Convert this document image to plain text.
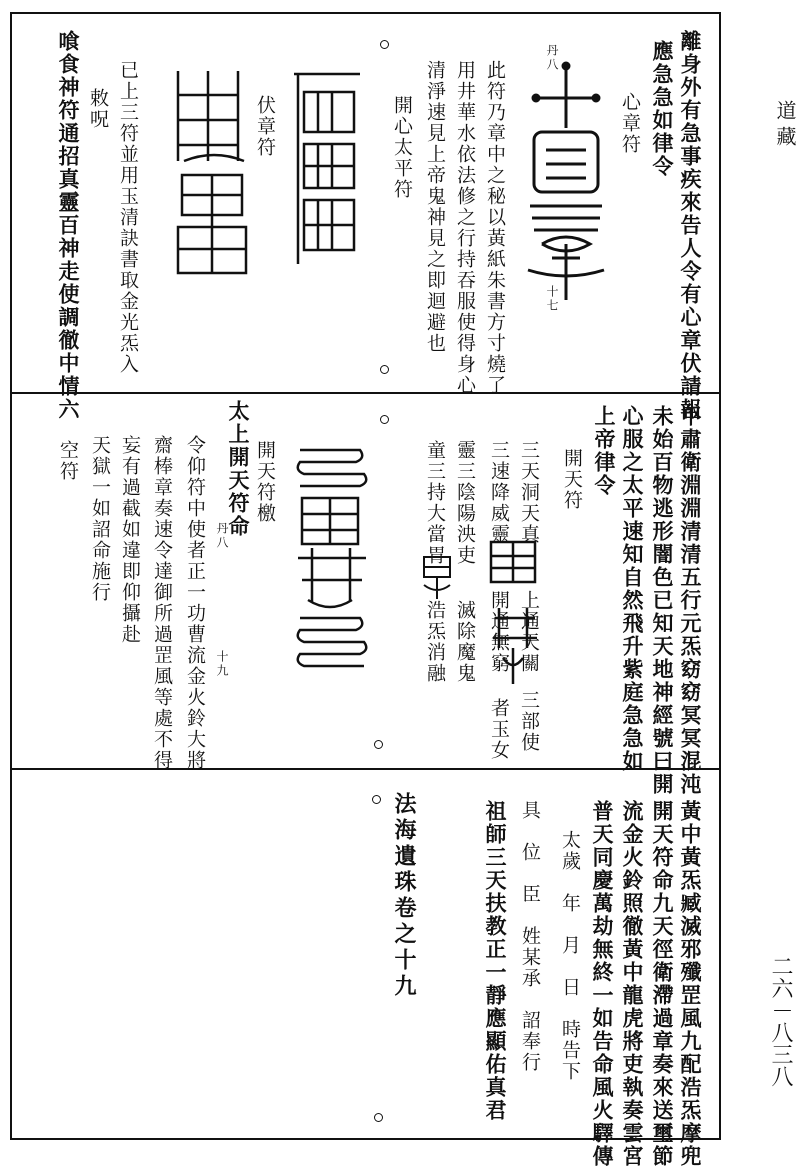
道藏
二六－八三八
離身外有急事疾來告人令有心章伏請報
應急急如律令
心章符
丹八
十七
此符乃章中之秘以黃紙朱書方寸燒了
用井華水依法修之行持吞服使得身心
清淨速見上帝鬼神見之即迴避也
開心太平符
伏章符
已上三符並用玉清訣書取金光炁入
敕呪
喰食神符通招真靈百神走使調徹中情六
甲肅衛淵淵清清五行元炁窈窈冥冥混沌
未始百物逃形闇色已知天地神經號曰開
心服之太平速知自然飛升紫庭急急如
上帝律令
開天符
三天洞天真
三速降威靈
上通天關
開通無窮
三部使
者玉女
靈三陰陽泱吏
滅除魔鬼
童三持大當胃
浩炁消融
開天符檄
太上開天符命
丹八
十九
令仰符中使者正一功曹流金火鈴大將
齋棒章奏速令達御所過罡風等處不得
妄有過截如違即仰攝赴
天獄一如詔命施行
空符
黃中黃炁臧滅邪殲罡風九配浩炁摩兜
開天符命九天徑衛滯過章奏來送璽節
流金火鈴照徹黃中龍虎將吏執奏雲宮
普天同慶萬劫無終一如告命風火驛傳
太歲　年　月　日　時告下
具　位　臣　姓某承　詔奉行
祖師三天扶教正一靜應顯佑真君
法海遺珠卷之十九
